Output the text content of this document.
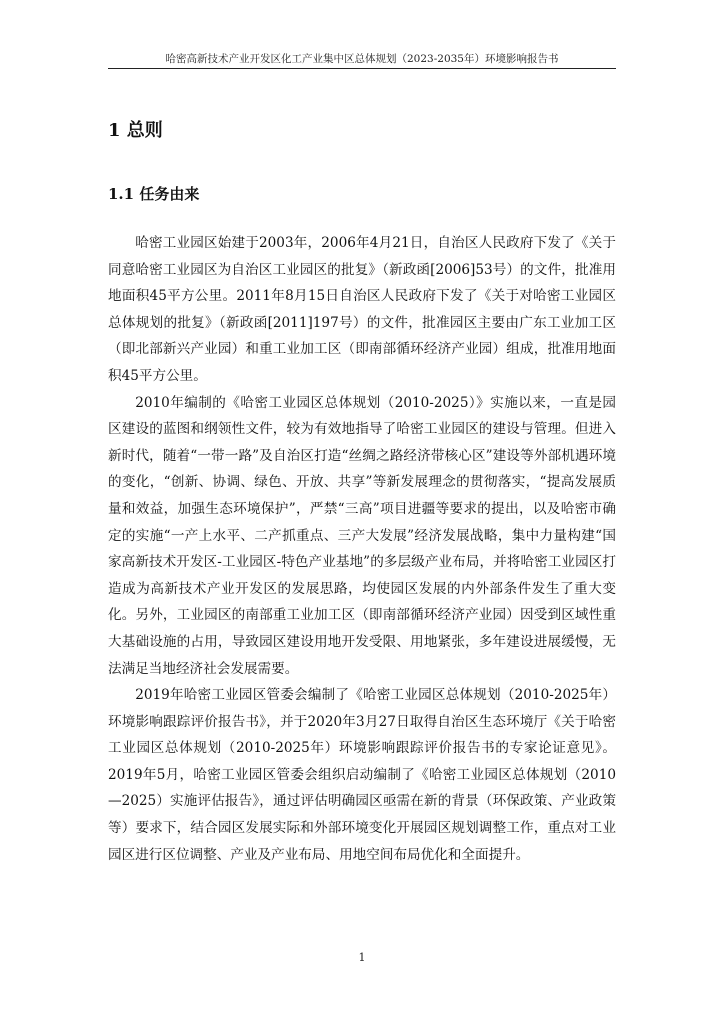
哈密高新技术产业开发区化工产业集中区总体规划（2023-2035年）环境影响报告书
1 总则
1.1 任务由来

哈密工业园区始建于2003年，2006年4月21日，自治区人民政府下发了《关于同意哈密工业园区为自治区工业园区的批复》（新政函[2006]53号）的文件，批准用地面积45平方公里。2011年8月15日自治区人民政府下发了《关于对哈密工业园区总体规划的批复》（新政函[2011]197号）的文件，批准园区主要由广东工业加工区（即北部新兴产业园）和重工业加工区（即南部循环经济产业园）组成，批准用地面积45平方公里。

2010年编制的《哈密工业园区总体规划（2010-2025）》实施以来，一直是园区建设的蓝图和纲领性文件，较为有效地指导了哈密工业园区的建设与管理。但进入新时代，随着“一带一路”及自治区打造“丝绸之路经济带核心区”建设等外部机遇环境的变化，“创新、协调、绿色、开放、共享”等新发展理念的贯彻落实，“提高发展质量和效益，加强生态环境保护”，严禁“三高”项目进疆等要求的提出，以及哈密市确定的实施“一产上水平、二产抓重点、三产大发展”经济发展战略，集中力量构建“国家高新技术开发区-工业园区-特色产业基地”的多层级产业布局，并将哈密工业园区打造成为高新技术产业开发区的发展思路，均使园区发展的内外部条件发生了重大变化。另外，工业园区的南部重工业加工区（即南部循环经济产业园）因受到区域性重大基础设施的占用，导致园区建设用地开发受限、用地紧张，多年建设进展缓慢，无法满足当地经济社会发展需要。

2019年哈密工业园区管委会编制了《哈密工业园区总体规划（2010-2025年）环境影响跟踪评价报告书》，并于2020年3月27日取得自治区生态环境厅《关于哈密工业园区总体规划（2010-2025年）环境影响跟踪评价报告书的专家论证意见》。2019年5月，哈密工业园区管委会组织启动编制了《哈密工业园区总体规划（2010—2025）实施评估报告》，通过评估明确园区亟需在新的背景（环保政策、产业政策等）要求下，结合园区发展实际和外部环境变化开展园区规划调整工作，重点对工业园区进行区位调整、产业及产业布局、用地空间布局优化和全面提升。

1
